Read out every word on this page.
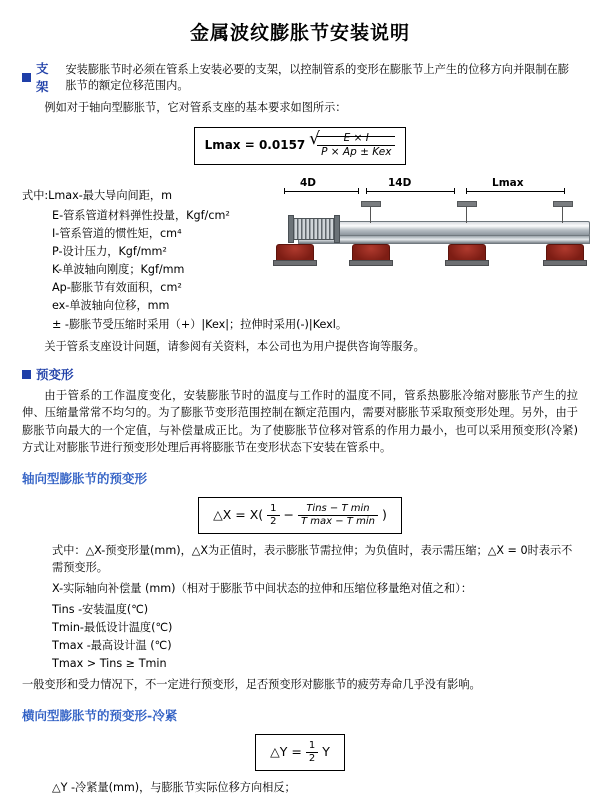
金属波纹膨胀节安装说明
支架
安装膨胀节时必须在管系上安装必要的支架，以控制管系的变形在膨胀节上产生的位移方向并限制在膨胀节的额定位移范围内。

例如对于轴向型膨胀节，它对管系支座的基本要求如图所示：

Lmax = 0.0157 √ $\frac{E \times I}{\text{P × Ap ± Kex}}$
4D	14D	Lmax
式中:Lmax-最大导向间距，m
E-管系管道材料弹性投量，Kgf/cm²
I-管系管道的惯性矩，cm⁴
P-设计压力，Kgf/mm²
K-单波轴向刚度；Kgf/mm
Ap-膨胀节有效面积，cm²
ex-单波轴向位移，mm
± -膨胀节受压缩时采用（+）|Kex|；拉伸时采用(-)|Kexl。

关于管系支座设计问题，请参阅有关资料，本公司也为用户提供咨询等服务。

预变形

由于管系的工作温度变化，安装膨胀节时的温度与工作时的温度不同，管系热膨胀冷缩对膨胀节产生的拉伸、压缩量常常不均匀的。为了膨胀节变形范围控制在额定范围内，需要对膨胀节采取预变形处理。另外，由于膨胀节向最大的一个定值，与补偿量成正比。为了使膨胀节位移对管系的作用力最小，也可以采用预变形(冷紧)方式让对膨胀节进行预变形处理后再将膨胀节在变形状态下安装在管系中。

轴向型膨胀节的预变形
△X = $X( \frac{1}{2} - \frac{\text{Tins − T min}}{\text{T max − T min}}$ )
式中：△X-预变形量(mm)，△X为正值时，表示膨胀节需拉伸；为负值时，表示需压缩；△X = 0时表示不需预变形。
X-实际轴向补偿量 (mm)（相对于膨胀节中间状态的拉伸和压缩位移量绝对值之和）：
Tins -安装温度(℃)
Tmin-最低设计温度(℃)
Tmax -最高设计温 (℃)
Tmax > Tins ≥ Tmin
一般变形和受力情况下，不一定进行预变形，足否预变形对膨胀节的疲劳寿命几乎没有影响。
横向型膨胀节的预变形-冷紧
△Y = $\frac{1}{2}$ Y
△Y -冷紧量(mm)，与膨胀节实际位移方向相反；
